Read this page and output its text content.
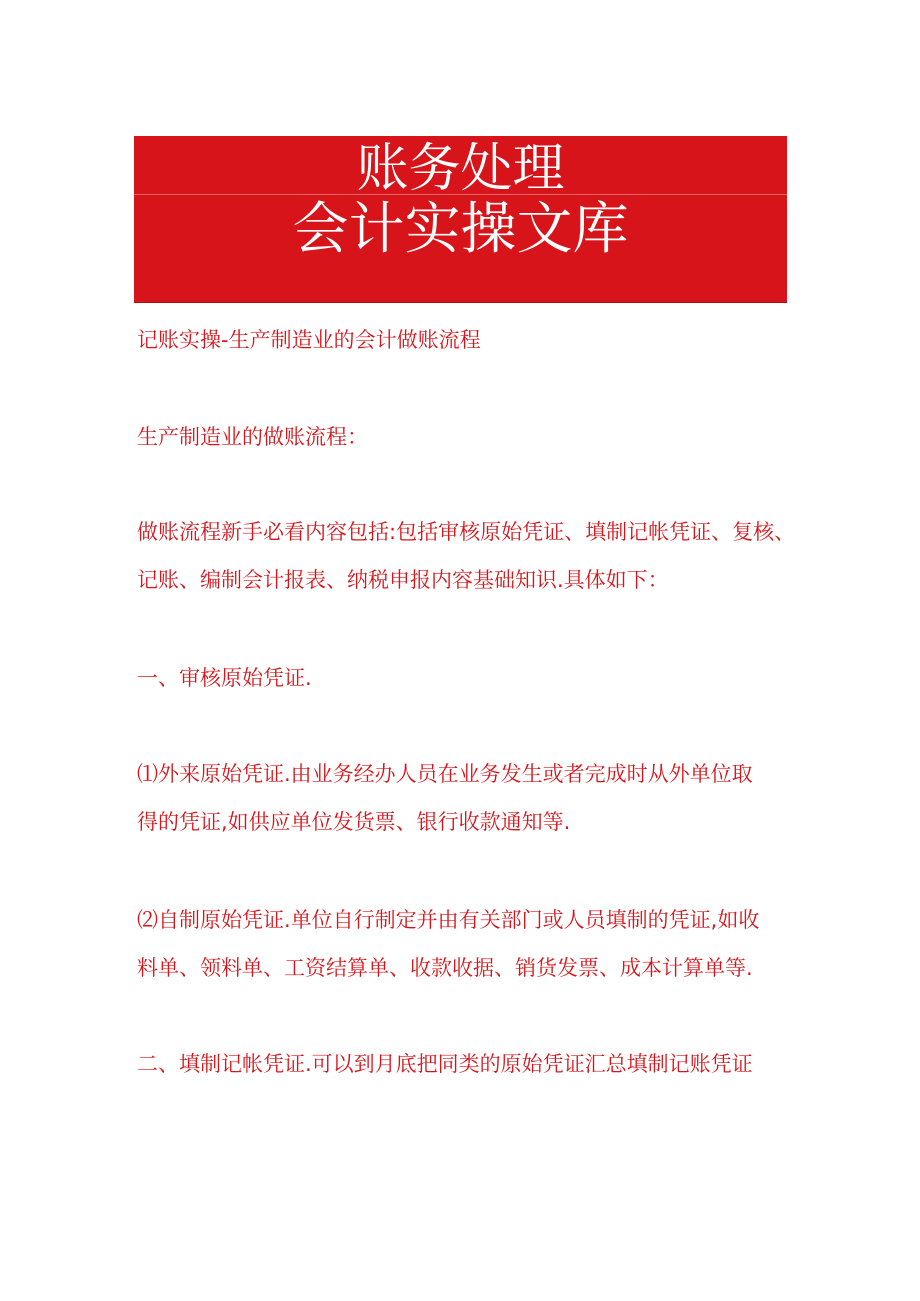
账务处理
会计实操文库
记账实操-生产制造业的会计做账流程
生产制造业的做账流程：
做账流程新手必看内容包括:包括审核原始凭证、填制记帐凭证、复核、
记账、编制会计报表、纳税申报内容基础知识.具体如下：
一、审核原始凭证.
⑴外来原始凭证.由业务经办人员在业务发生或者完成时从外单位取
得的凭证,如供应单位发货票、银行收款通知等.
⑵自制原始凭证.单位自行制定并由有关部门或人员填制的凭证,如收
料单、领料单、工资结算单、收款收据、销货发票、成本计算单等.
二、填制记帐凭证.可以到月底把同类的原始凭证汇总填制记账凭证
